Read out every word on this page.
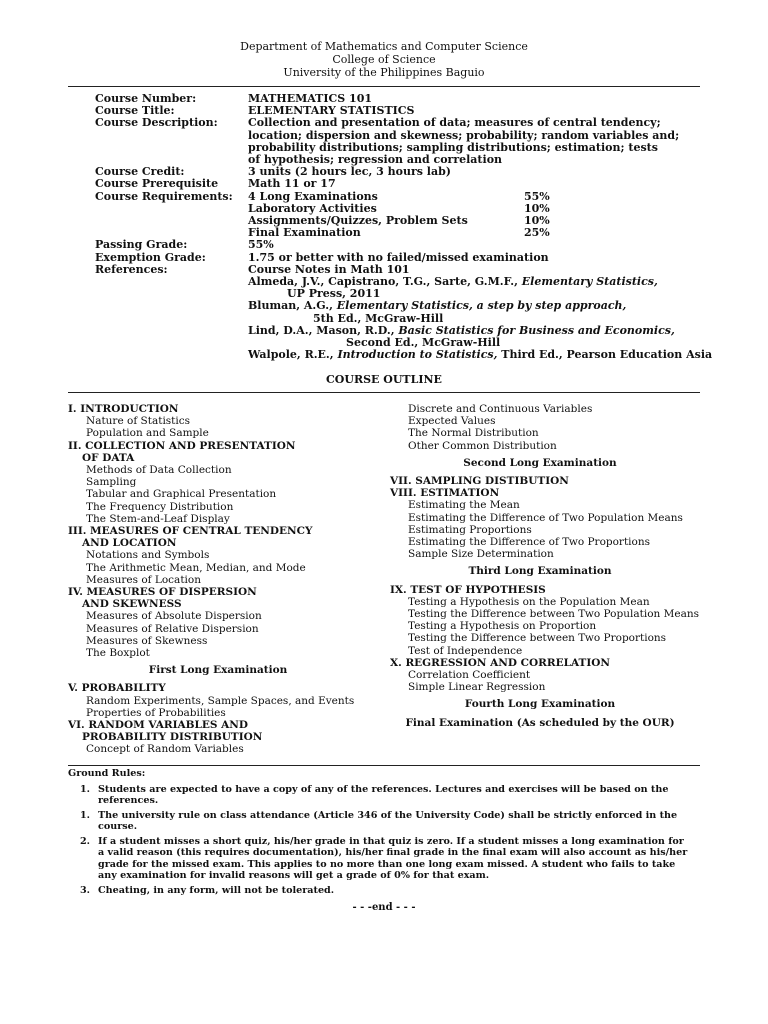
Department of Mathematics and Computer Science
College of Science
University of the Philippines Baguio
Course Number:	MATHEMATICS 101
Course Title:	ELEMENTARY STATISTICS
Course Description:	Collection and presentation of data; measures of central tendency;
location; dispersion and skewness; probability; random variables and;
probability distributions; sampling distributions; estimation; tests
of hypothesis; regression and correlation
Course Credit:	3 units (2 hours lec, 3 hours lab)
Course Prerequisite	Math 11 or 17
Course Requirements:	4 Long Examinations	55%
Laboratory Activities	10%
Assignments/Quizzes, Problem Sets	10%
Final Examination	25%
Passing Grade:	55%
Exemption Grade:	1.75 or better with no failed/missed examination
References:	Course Notes in Math 101
Almeda, J.V., Capistrano, T.G., Sarte, G.M.F., Elementary Statistics,
UP Press, 2011
Bluman, A.G., Elementary Statistics, a step by step approach,
5th Ed., McGraw-Hill
Lind, D.A., Mason, R.D., Basic Statistics for Business and Economics,
Second Ed., McGraw-Hill
Walpole, R.E., Introduction to Statistics, Third Ed., Pearson Education Asia
COURSE OUTLINE
I. INTRODUCTION
Nature of Statistics
Population and Sample
II. COLLECTION AND PRESENTATION
OF DATA
Methods of Data Collection
Sampling
Tabular and Graphical Presentation
The Frequency Distribution
The Stem-and-Leaf Display
III. MEASURES OF CENTRAL TENDENCY
AND LOCATION
Notations and Symbols
The Arithmetic Mean, Median, and Mode
Measures of Location
IV. MEASURES OF DISPERSION
AND SKEWNESS
Measures of Absolute Dispersion
Measures of Relative Dispersion
Measures of Skewness
The Boxplot
First Long Examination
V. PROBABILITY
Random Experiments, Sample Spaces, and Events
Properties of Probabilities
VI. RANDOM VARIABLES AND
PROBABILITY DISTRIBUTION
Concept of Random Variables
Discrete and Continuous Variables
Expected Values
The Normal Distribution
Other Common Distribution
Second Long Examination
VII. SAMPLING DISTIBUTION
VIII. ESTIMATION
Estimating the Mean
Estimating the Difference of Two Population Means
Estimating Proportions
Estimating the Difference of Two Proportions
Sample Size Determination
Third Long Examination
IX. TEST OF HYPOTHESIS
Testing a Hypothesis on the Population Mean
Testing the Difference between Two Population Means
Testing a Hypothesis on Proportion
Testing the Difference between Two Proportions
Test of Independence
X. REGRESSION AND CORRELATION
Correlation Coefficient
Simple Linear Regression
Fourth Long Examination
Final Examination (As scheduled by the OUR)
Ground Rules:
1. Students are expected to have a copy of any of the references. Lectures and exercises will be based on the references.
1. The university rule on class attendance (Article 346 of the University Code) shall be strictly enforced in the course.
2. If a student misses a short quiz, his/her grade in that quiz is zero. If a student misses a long examination for a valid reason (this requires documentation), his/her final grade in the final exam will also account as his/her grade for the missed exam. This applies to no more than one long exam missed. A student who fails to take any examination for invalid reasons will get a grade of 0% for that exam.
3. Cheating, in any form, will not be tolerated.
- - -end - - -
